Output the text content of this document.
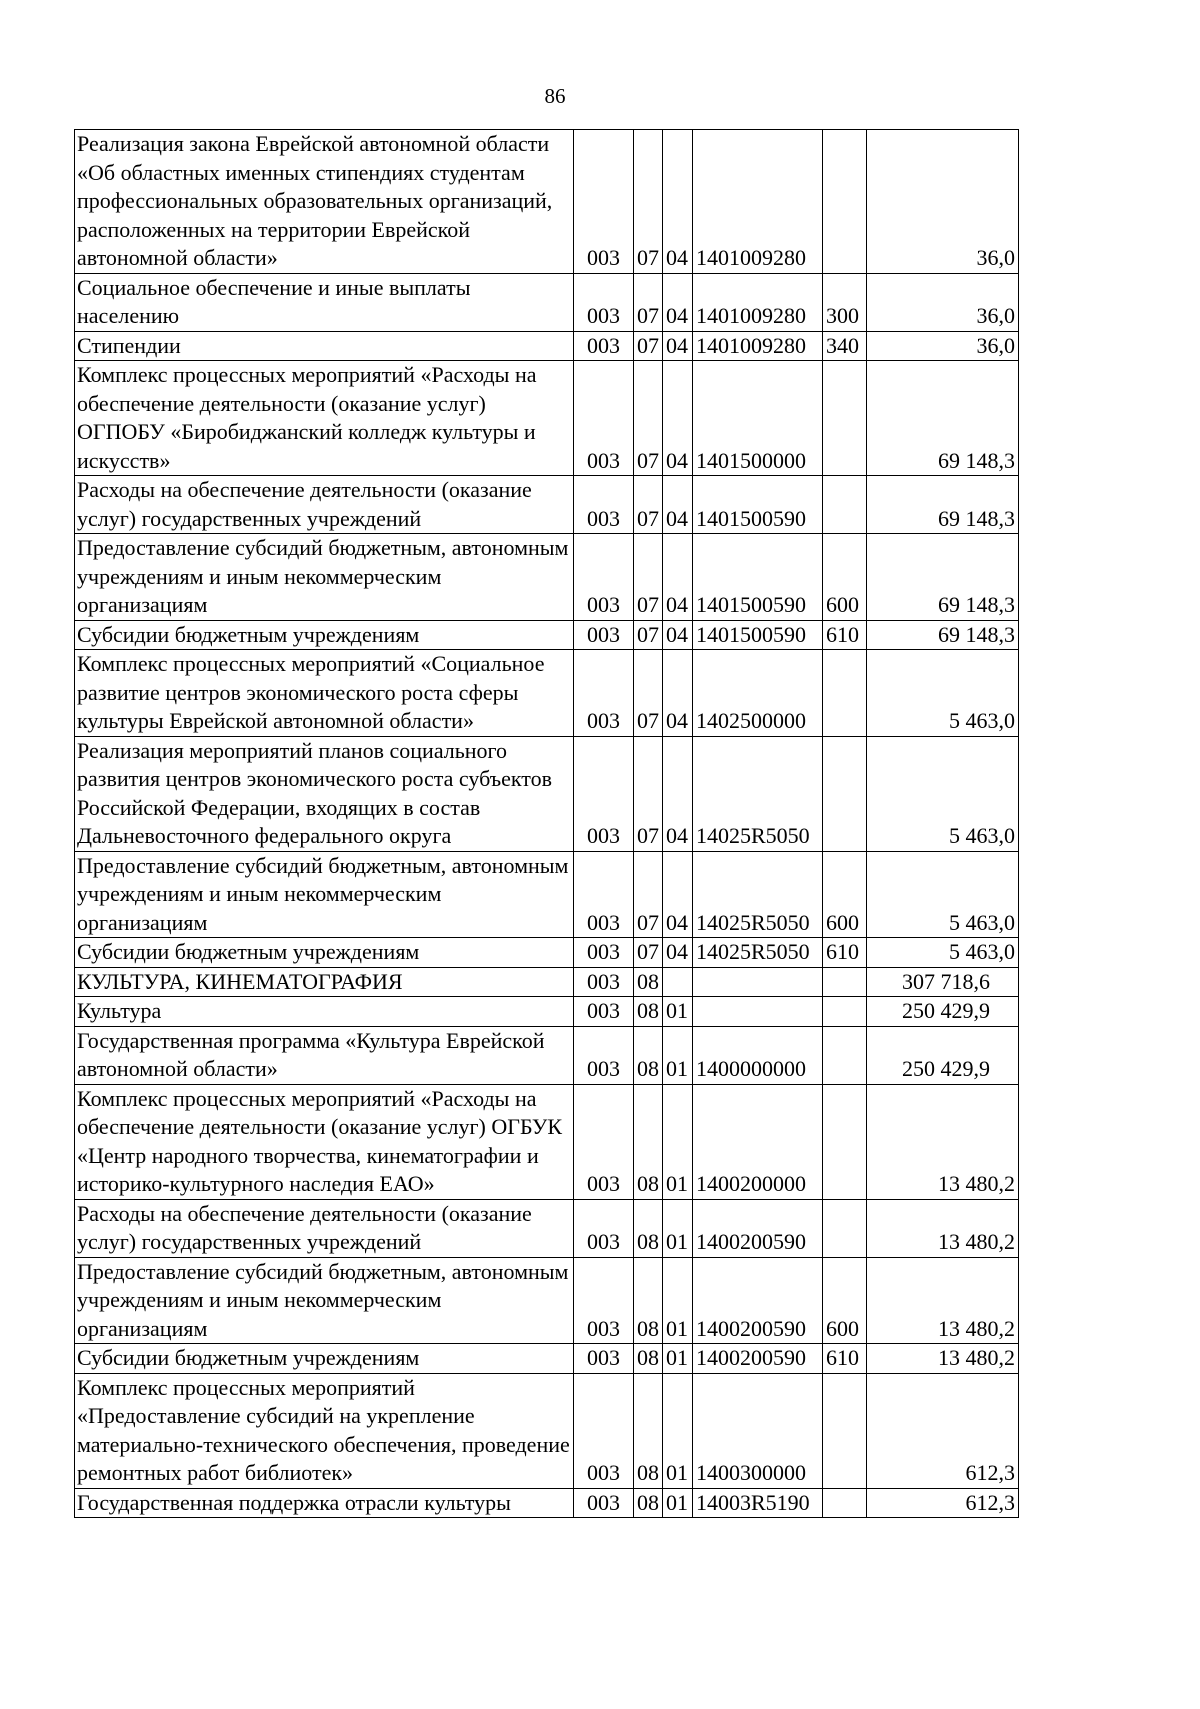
86
Реализация закона Еврейской автономной области «Об областных именных стипендиях студентам профессиональных образовательных организаций, расположенных на территории Еврейской автономной области»	003	07	04	1401009280		36,0
Социальное обеспечение и иные выплаты населению	003	07	04	1401009280	300	36,0
Стипендии	003	07	04	1401009280	340	36,0
Комплекс процессных мероприятий «Расходы на обеспечение деятельности (оказание услуг) ОГПОБУ «Биробиджанский колледж культуры и искусств»	003	07	04	1401500000		69 148,3
Расходы на обеспечение деятельности (оказание услуг) государственных учреждений	003	07	04	1401500590		69 148,3
Предоставление субсидий бюджетным, автономным учреждениям и иным некоммерческим организациям	003	07	04	1401500590	600	69 148,3
Субсидии бюджетным учреждениям	003	07	04	1401500590	610	69 148,3
Комплекс процессных мероприятий «Социальное развитие центров экономического роста сферы культуры Еврейской автономной области»	003	07	04	1402500000		5 463,0
Реализация мероприятий планов социального развития центров экономического роста субъектов Российской Федерации, входящих в состав Дальневосточного федерального округа	003	07	04	14025R5050		5 463,0
Предоставление субсидий бюджетным, автономным учреждениям и иным некоммерческим организациям	003	07	04	14025R5050	600	5 463,0
Субсидии бюджетным учреждениям	003	07	04	14025R5050	610	5 463,0
КУЛЬТУРА, КИНЕМАТОГРАФИЯ	003	08				307 718,6
Культура	003	08	01			250 429,9
Государственная программа «Культура Еврейской автономной области»	003	08	01	1400000000		250 429,9
Комплекс процессных мероприятий «Расходы на обеспечение деятельности (оказание услуг) ОГБУК «Центр народного творчества, кинематографии и историко-культурного наследия ЕАО»	003	08	01	1400200000		13 480,2
Расходы на обеспечение деятельности (оказание услуг) государственных учреждений	003	08	01	1400200590		13 480,2
Предоставление субсидий бюджетным, автономным учреждениям и иным некоммерческим организациям	003	08	01	1400200590	600	13 480,2
Субсидии бюджетным учреждениям	003	08	01	1400200590	610	13 480,2
Комплекс процессных мероприятий «Предоставление субсидий на укрепление материально-технического обеспечения, проведение ремонтных работ библиотек»	003	08	01	1400300000		612,3
Государственная поддержка отрасли культуры	003	08	01	14003R5190		612,3
